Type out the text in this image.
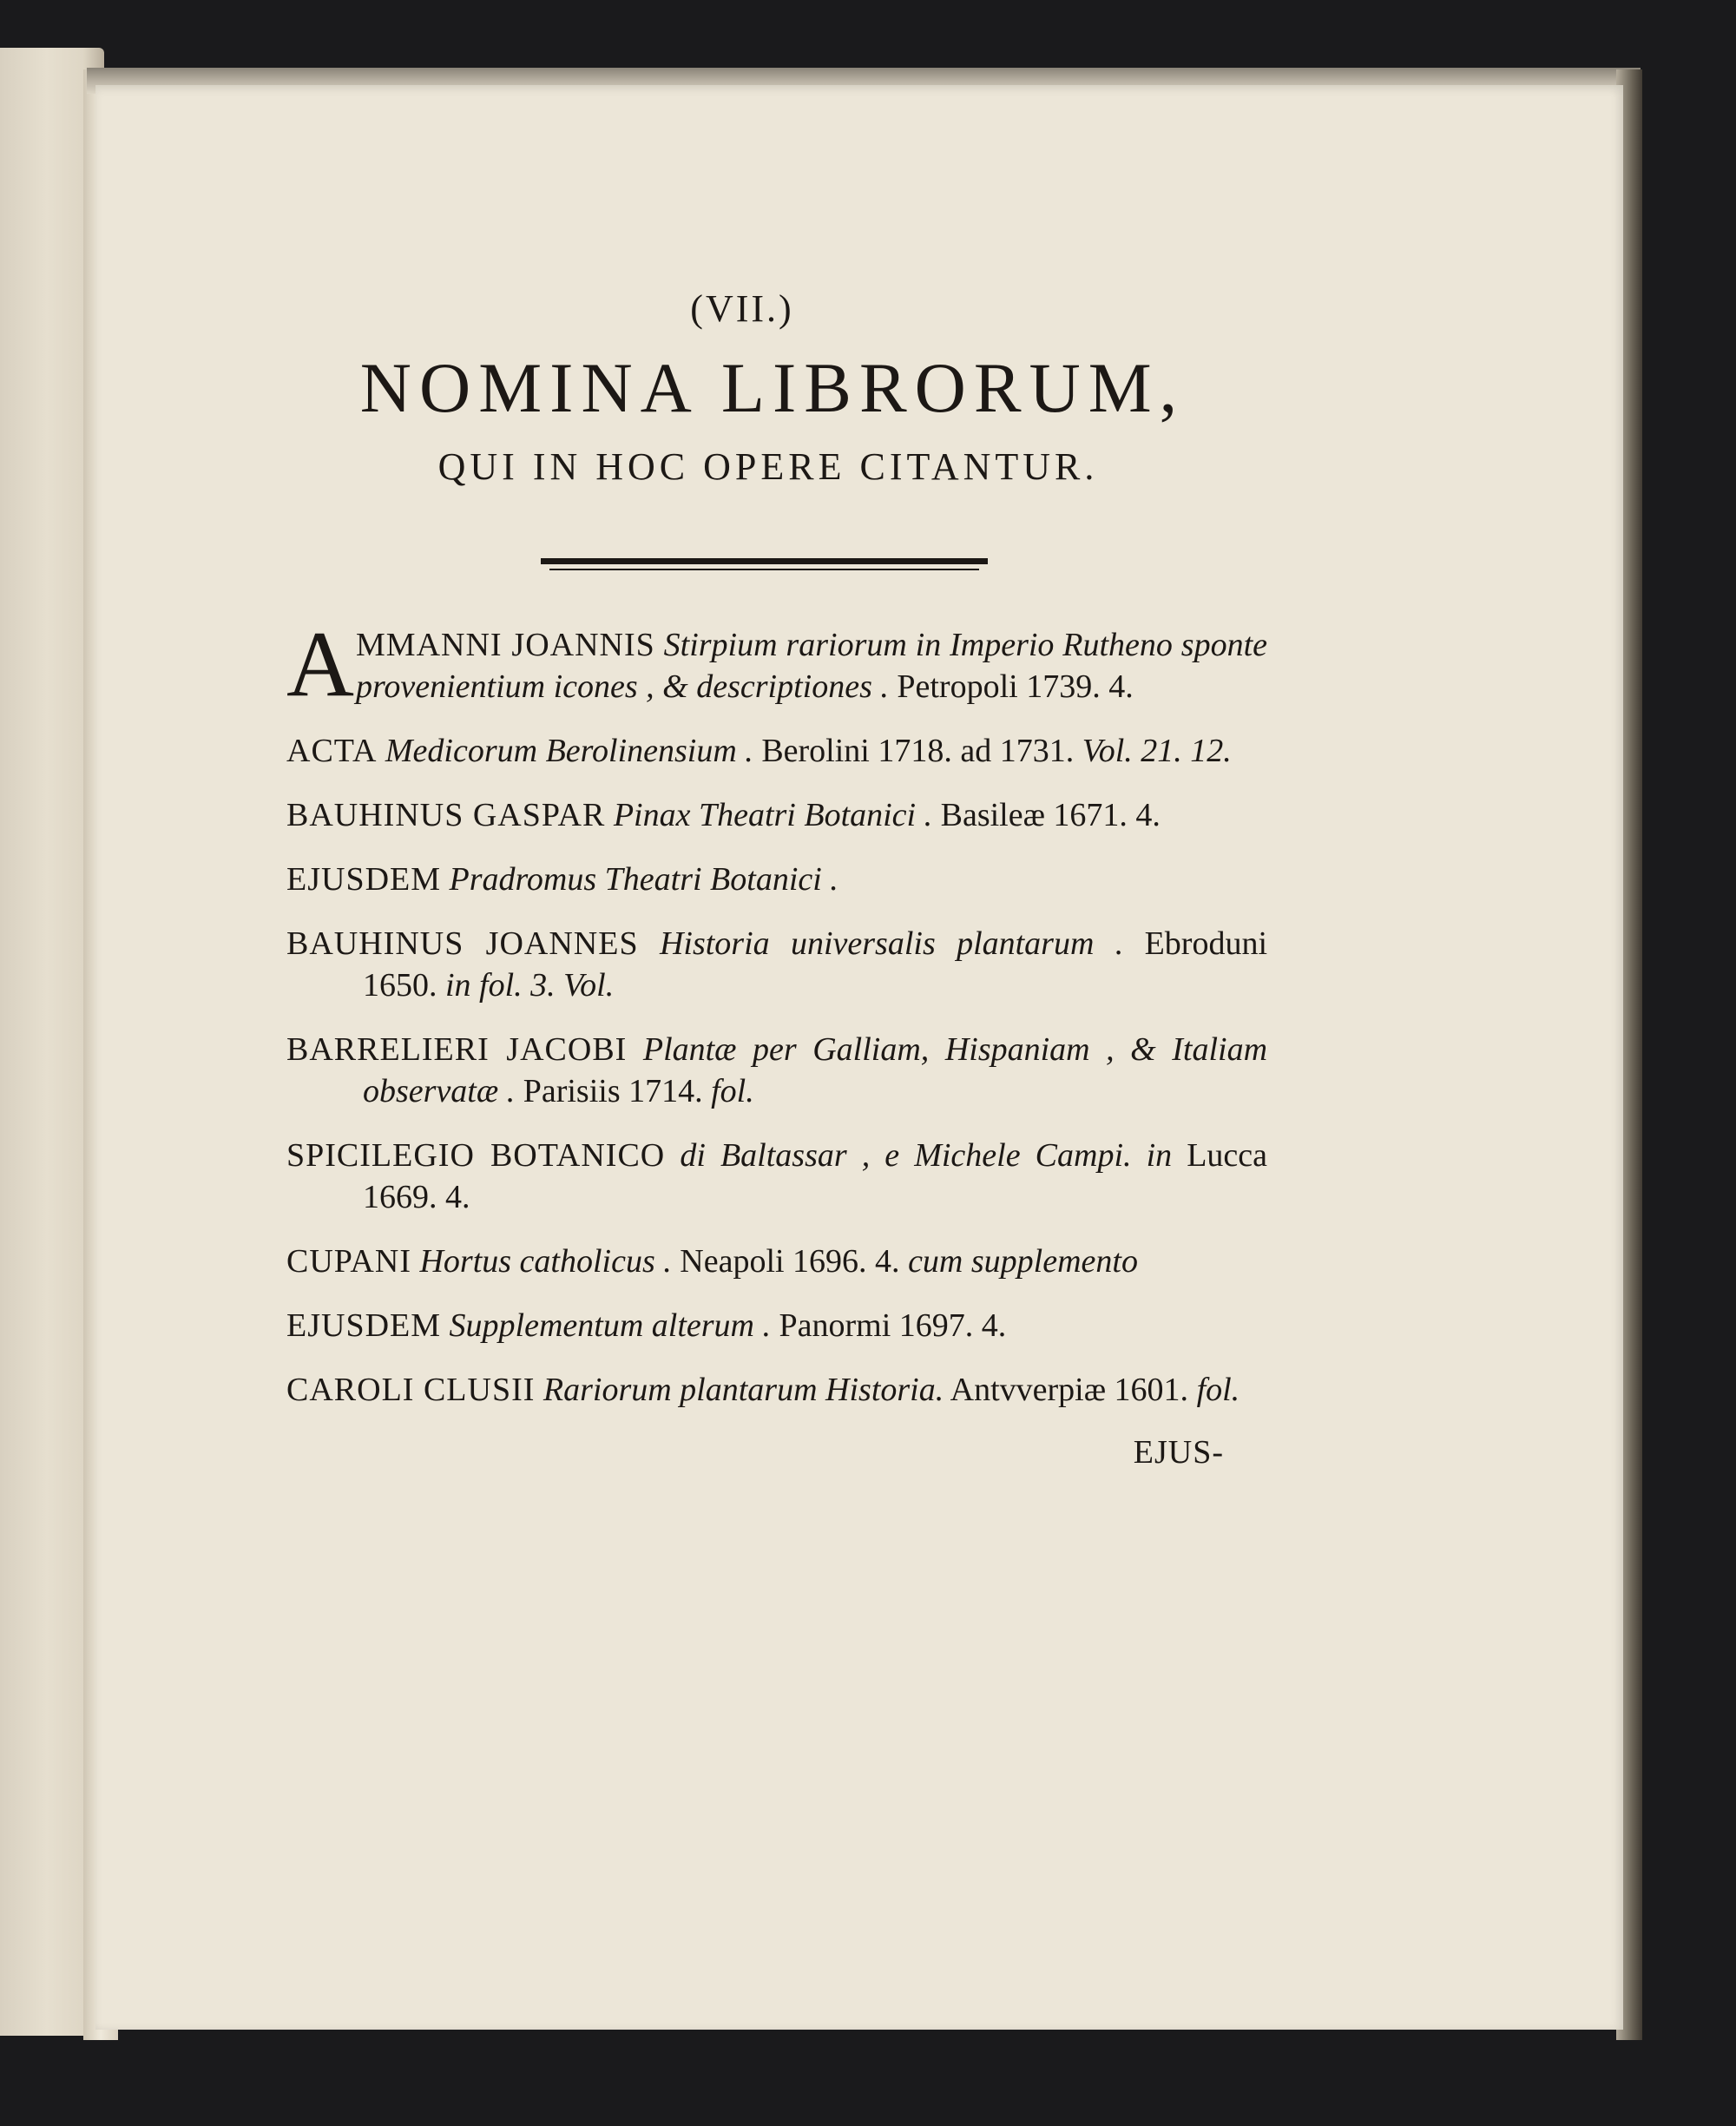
(VII.)
NOMINA LIBRORUM,
QUI IN HOC OPERE CITANTUR.
A MMANNI JOANNIS Stirpium rariorum in Imperio Rutheno sponte provenientium icones , & descriptiones . Petropoli 1739. 4.
ACTA Medicorum Berolinensium . Berolini 1718. ad 1731. Vol. 21. 12.
BAUHINUS GASPAR Pinax Theatri Botanici . Basileæ 1671. 4.
EJUSDEM Pradromus Theatri Botanici .
BAUHINUS JOANNES Historia universalis plantarum . Ebroduni 1650. in fol. 3. Vol.
BARRELIERI JACOBI Plantæ per Galliam, Hispaniam , & Italiam observatæ . Parisiis 1714. fol.
SPICILEGIO BOTANICO di Baltassar , e Michele Campi. in Lucca 1669. 4.
CUPANI Hortus catholicus . Neapoli 1696. 4. cum supplemento
EJUSDEM Supplementum alterum . Panormi 1697. 4.
CAROLI CLUSII Rariorum plantarum Historia. Antvverpiæ 1601. fol.
EJUS-
